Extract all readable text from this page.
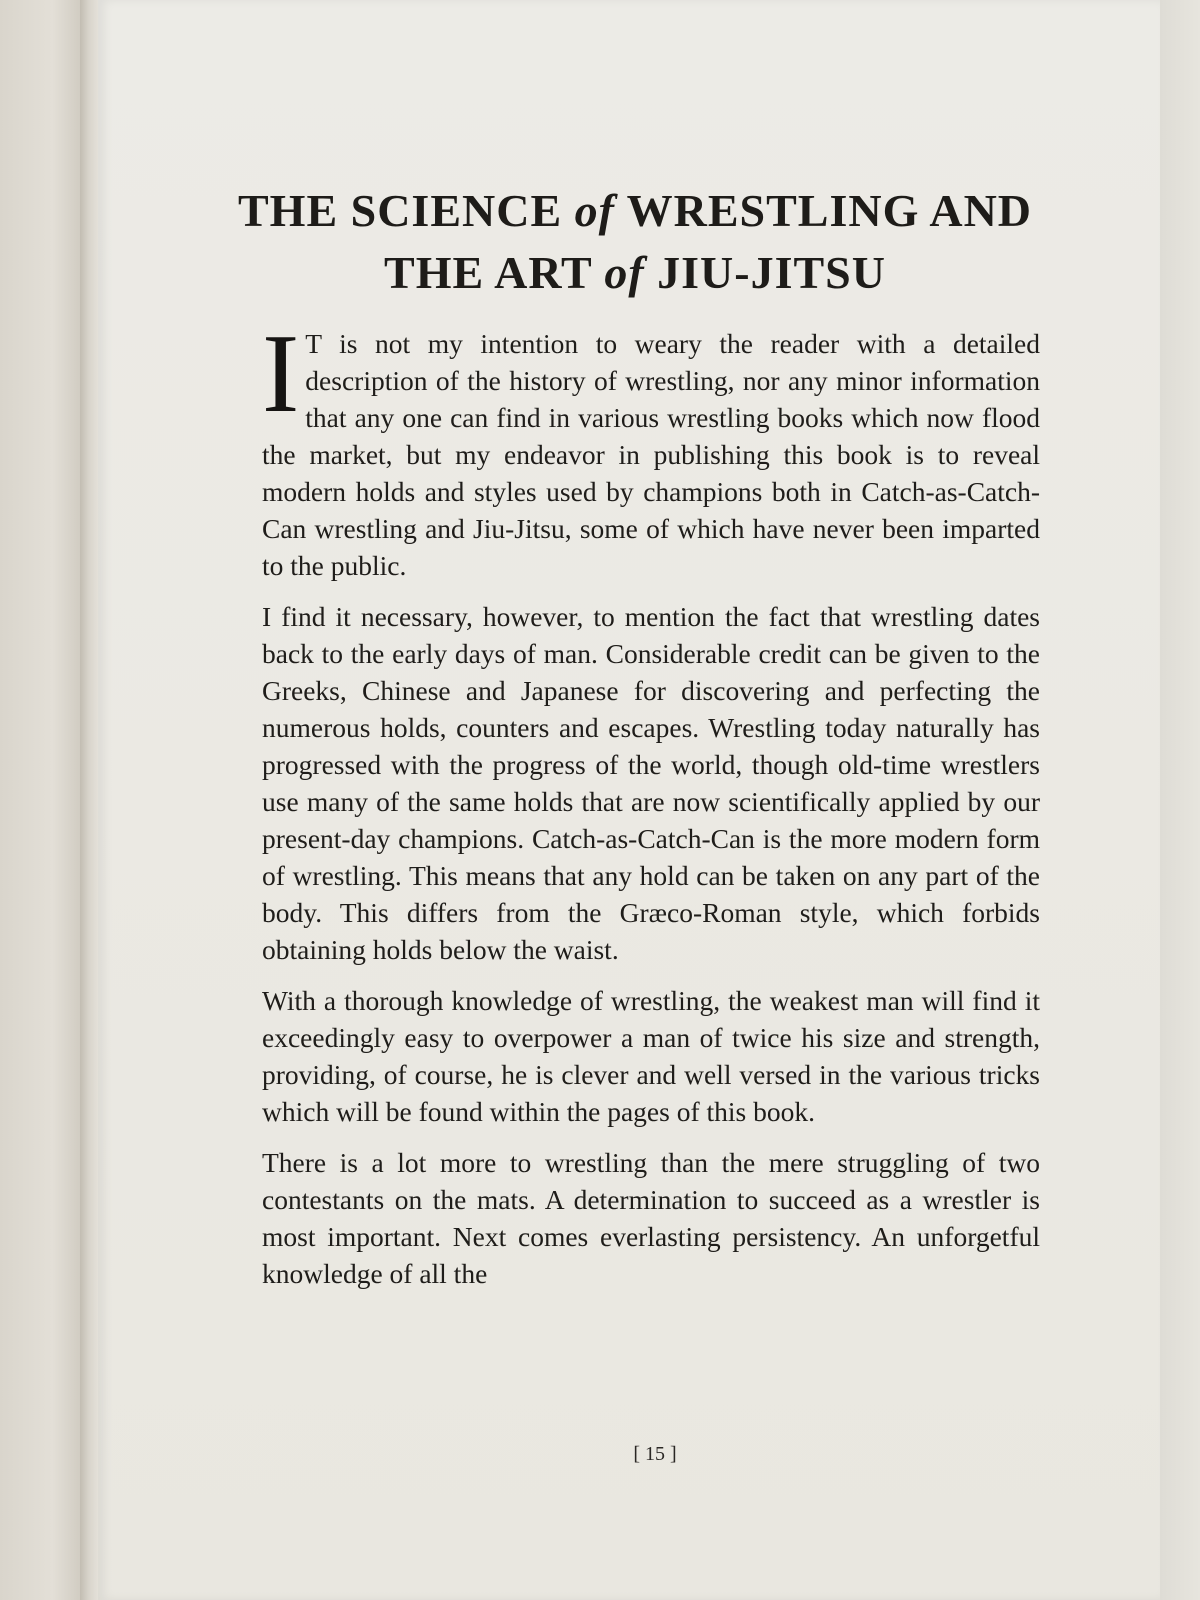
THE SCIENCE of WRESTLING AND
THE ART of JIU-JITSU

I T is not my intention to weary the reader with a detailed description of the history of wrestling, nor any minor information that any one can find in various wrestling books which now flood the market, but my endeavor in publishing this book is to reveal modern holds and styles used by champions both in Catch-as-Catch-Can wrestling and Jiu-Jitsu, some of which have never been imparted to the public.

I find it necessary, however, to mention the fact that wrestling dates back to the early days of man. Considerable credit can be given to the Greeks, Chinese and Japanese for discovering and perfecting the numerous holds, counters and escapes. Wrestling today naturally has progressed with the progress of the world, though old-time wrestlers use many of the same holds that are now scientifically applied by our present-day champions. Catch-as-Catch-Can is the more modern form of wrestling. This means that any hold can be taken on any part of the body. This differs from the Græco-Roman style, which forbids obtaining holds below the waist.

With a thorough knowledge of wrestling, the weakest man will find it exceedingly easy to overpower a man of twice his size and strength, providing, of course, he is clever and well versed in the various tricks which will be found within the pages of this book.

There is a lot more to wrestling than the mere struggling of two contestants on the mats. A determination to succeed as a wrestler is most important. Next comes everlasting persistency. An unforgetful knowledge of all the

[ 15 ]
